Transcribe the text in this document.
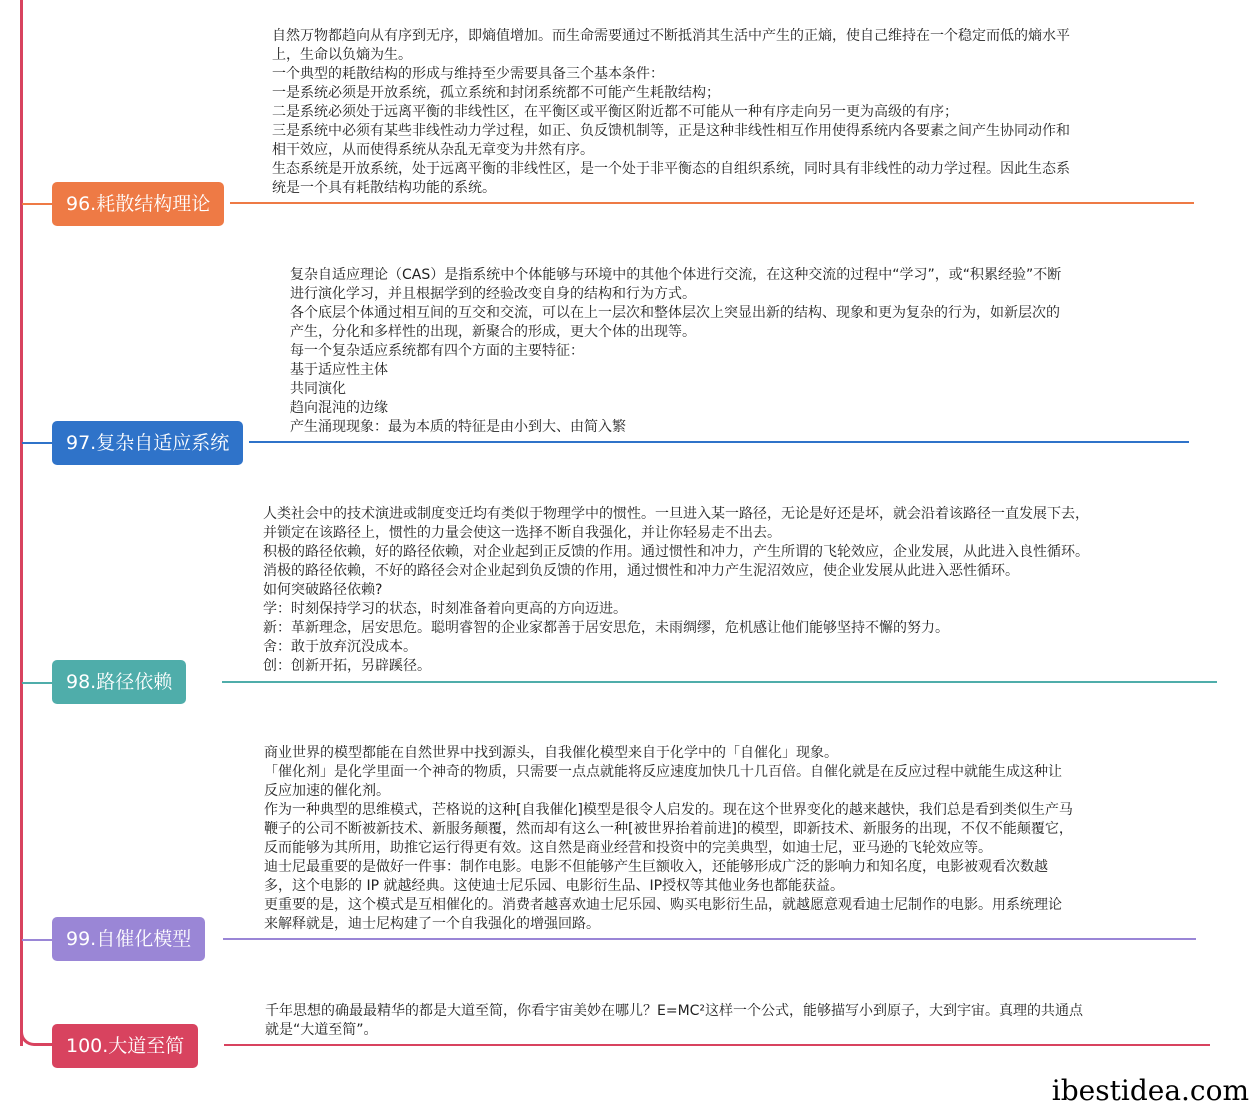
96.耗散结构理论
自然万物都趋向从有序到无序，即熵值增加。而生命需要通过不断抵消其生活中产生的正熵，使自己维持在一个稳定而低的熵水平
上，生命以负熵为生。
一个典型的耗散结构的形成与维持至少需要具备三个基本条件：
一是系统必须是开放系统，孤立系统和封闭系统都不可能产生耗散结构；
二是系统必须处于远离平衡的非线性区，在平衡区或平衡区附近都不可能从一种有序走向另一更为高级的有序；
三是系统中必须有某些非线性动力学过程，如正、负反馈机制等，正是这种非线性相互作用使得系统内各要素之间产生协同动作和
相干效应，从而使得系统从杂乱无章变为井然有序。
生态系统是开放系统，处于远离平衡的非线性区，是一个处于非平衡态的自组织系统，同时具有非线性的动力学过程。因此生态系
统是一个具有耗散结构功能的系统。
97.复杂自适应系统
复杂自适应理论（CAS）是指系统中个体能够与环境中的其他个体进行交流，在这种交流的过程中“学习”，或“积累经验”不断
进行演化学习，并且根据学到的经验改变自身的结构和行为方式。
各个底层个体通过相互间的互交和交流，可以在上一层次和整体层次上突显出新的结构、现象和更为复杂的行为，如新层次的
产生，分化和多样性的出现，新聚合的形成，更大个体的出现等。
每一个复杂适应系统都有四个方面的主要特征：
基于适应性主体
共同演化
趋向混沌的边缘
产生涌现现象：最为本质的特征是由小到大、由简入繁
98.路径依赖
人类社会中的技术演进或制度变迁均有类似于物理学中的惯性。一旦进入某一路径，无论是好还是坏，就会沿着该路径一直发展下去，
并锁定在该路径上，惯性的力量会使这一选择不断自我强化，并让你轻易走不出去。
积极的路径依赖，好的路径依赖，对企业起到正反馈的作用。通过惯性和冲力，产生所谓的飞轮效应，企业发展，从此进入良性循环。
消极的路径依赖，不好的路径会对企业起到负反馈的作用，通过惯性和冲力产生泥沼效应，使企业发展从此进入恶性循环。
如何突破路径依赖?
学：时刻保持学习的状态，时刻准备着向更高的方向迈进。
新：革新理念，居安思危。聪明睿智的企业家都善于居安思危，未雨绸缪，危机感让他们能够坚持不懈的努力。
舍：敢于放弃沉没成本。
创：创新开拓，另辟蹊径。
99.自催化模型
商业世界的模型都能在自然世界中找到源头，自我催化模型来自于化学中的「自催化」现象。
「催化剂」是化学里面一个神奇的物质，只需要一点点就能将反应速度加快几十几百倍。自催化就是在反应过程中就能生成这种让
反应加速的催化剂。
作为一种典型的思维模式，芒格说的这种[自我催化]模型是很令人启发的。现在这个世界变化的越来越快，我们总是看到类似生产马
鞭子的公司不断被新技术、新服务颠覆，然而却有这么一种[被世界抬着前进]的模型，即新技术、新服务的出现，不仅不能颠覆它，
反而能够为其所用，助推它运行得更有效。这自然是商业经营和投资中的完美典型，如迪士尼，亚马逊的飞轮效应等。
迪士尼最重要的是做好一件事：制作电影。电影不但能够产生巨额收入，还能够形成广泛的影响力和知名度，电影被观看次数越
多，这个电影的 IP 就越经典。这使迪士尼乐园、电影衍生品、IP授权等其他业务也都能获益。
更重要的是，这个模式是互相催化的。消费者越喜欢迪士尼乐园、购买电影衍生品，就越愿意观看迪士尼制作的电影。用系统理论
来解释就是，迪士尼构建了一个自我强化的增强回路。
100.大道至简
千年思想的确最最精华的都是大道至简，你看宇宙美妙在哪儿？E=MC²这样一个公式，能够描写小到原子，大到宇宙。真理的共通点
就是“大道至简”。
ibestidea.com
